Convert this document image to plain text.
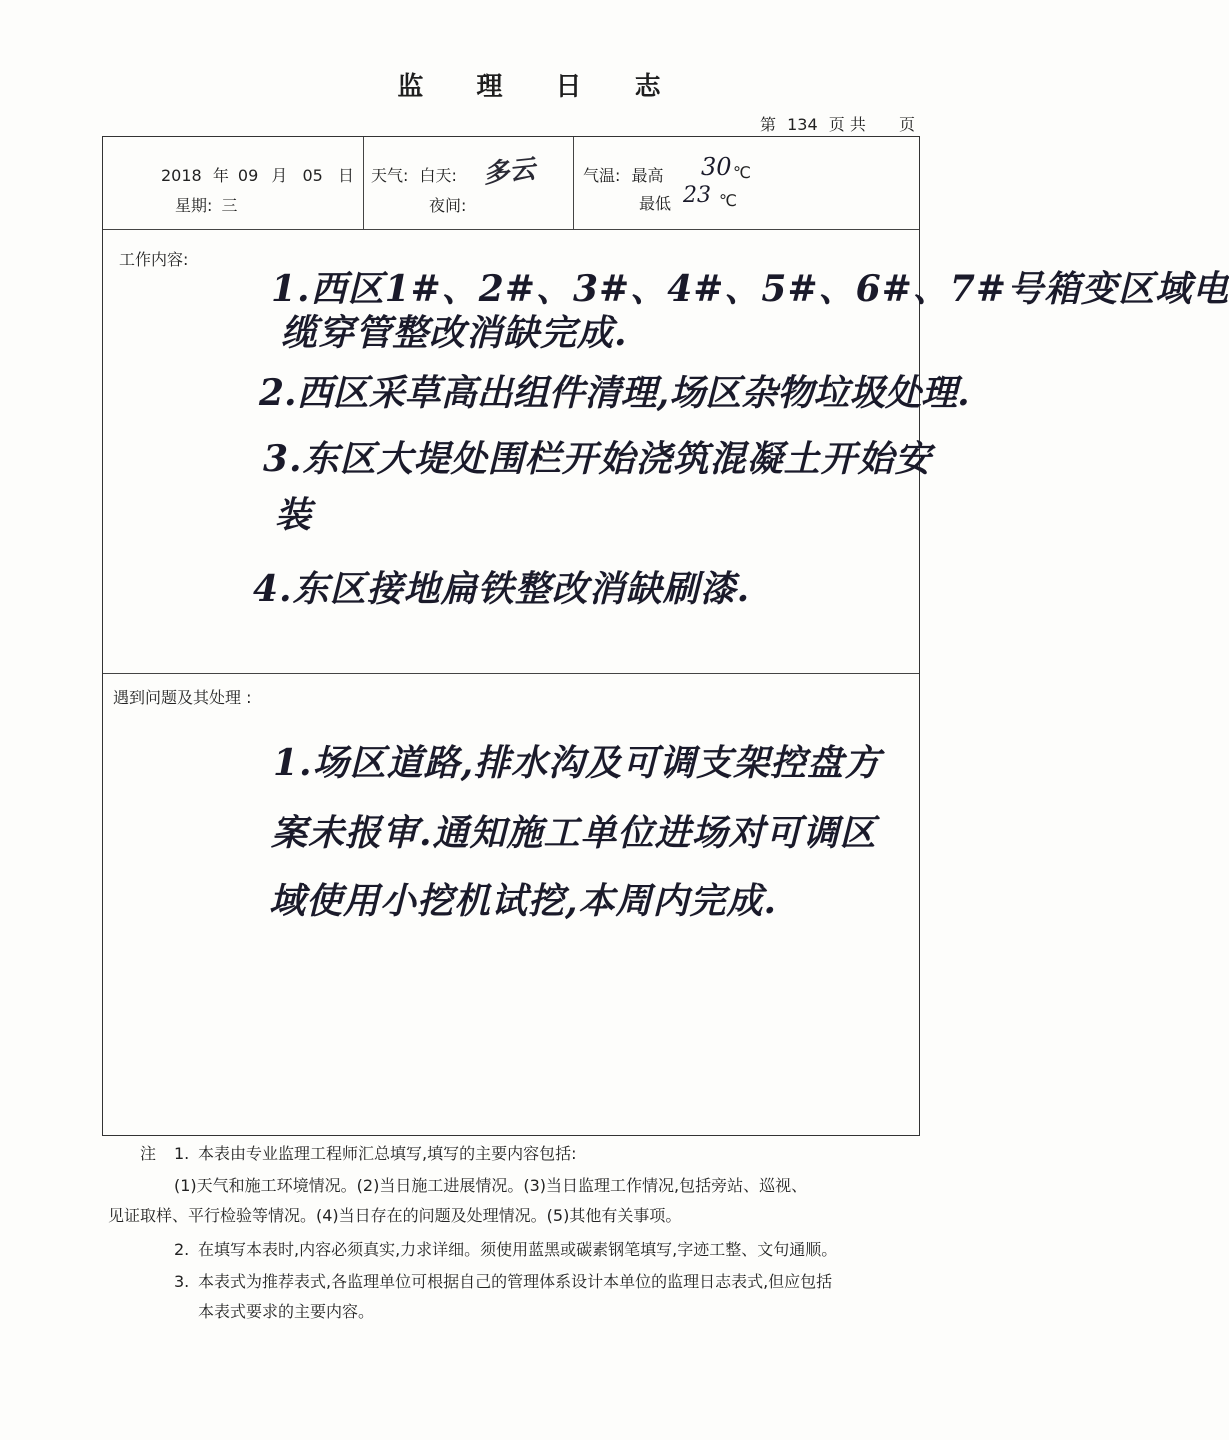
监 理 日 志
第 134 页 共 页
2018 年 09 月 05 日
星期: 三
天气: 白天: 多云
夜间:
气温: 最高 30 ℃
最低 23 ℃
工作内容:
1.西区1#、2#、3#、4#、5#、6#、7#号箱变区域电
缆穿管整改消缺完成.
2.西区采草高出组件清理,场区杂物垃圾处理.
3.东区大堤处围栏开始浇筑混凝土开始安
装
4.东区接地扁铁整改消缺刷漆.
遇到问题及其处理 :
1.场区道路,排水沟及可调支架控盘方
案未报审.通知施工单位进场对可调区
域使用小挖机试挖,本周内完成.
注 1. 本表由专业监理工程师汇总填写,填写的主要内容包括:
(1)天气和施工环境情况。(2)当日施工进展情况。(3)当日监理工作情况,包括旁站、巡视、
见证取样、平行检验等情况。(4)当日存在的问题及处理情况。(5)其他有关事项。
2. 在填写本表时,内容必须真实,力求详细。须使用蓝黑或碳素钢笔填写,字迹工整、文句通顺。
3. 本表式为推荐表式,各监理单位可根据自己的管理体系设计本单位的监理日志表式,但应包括
本表式要求的主要内容。
